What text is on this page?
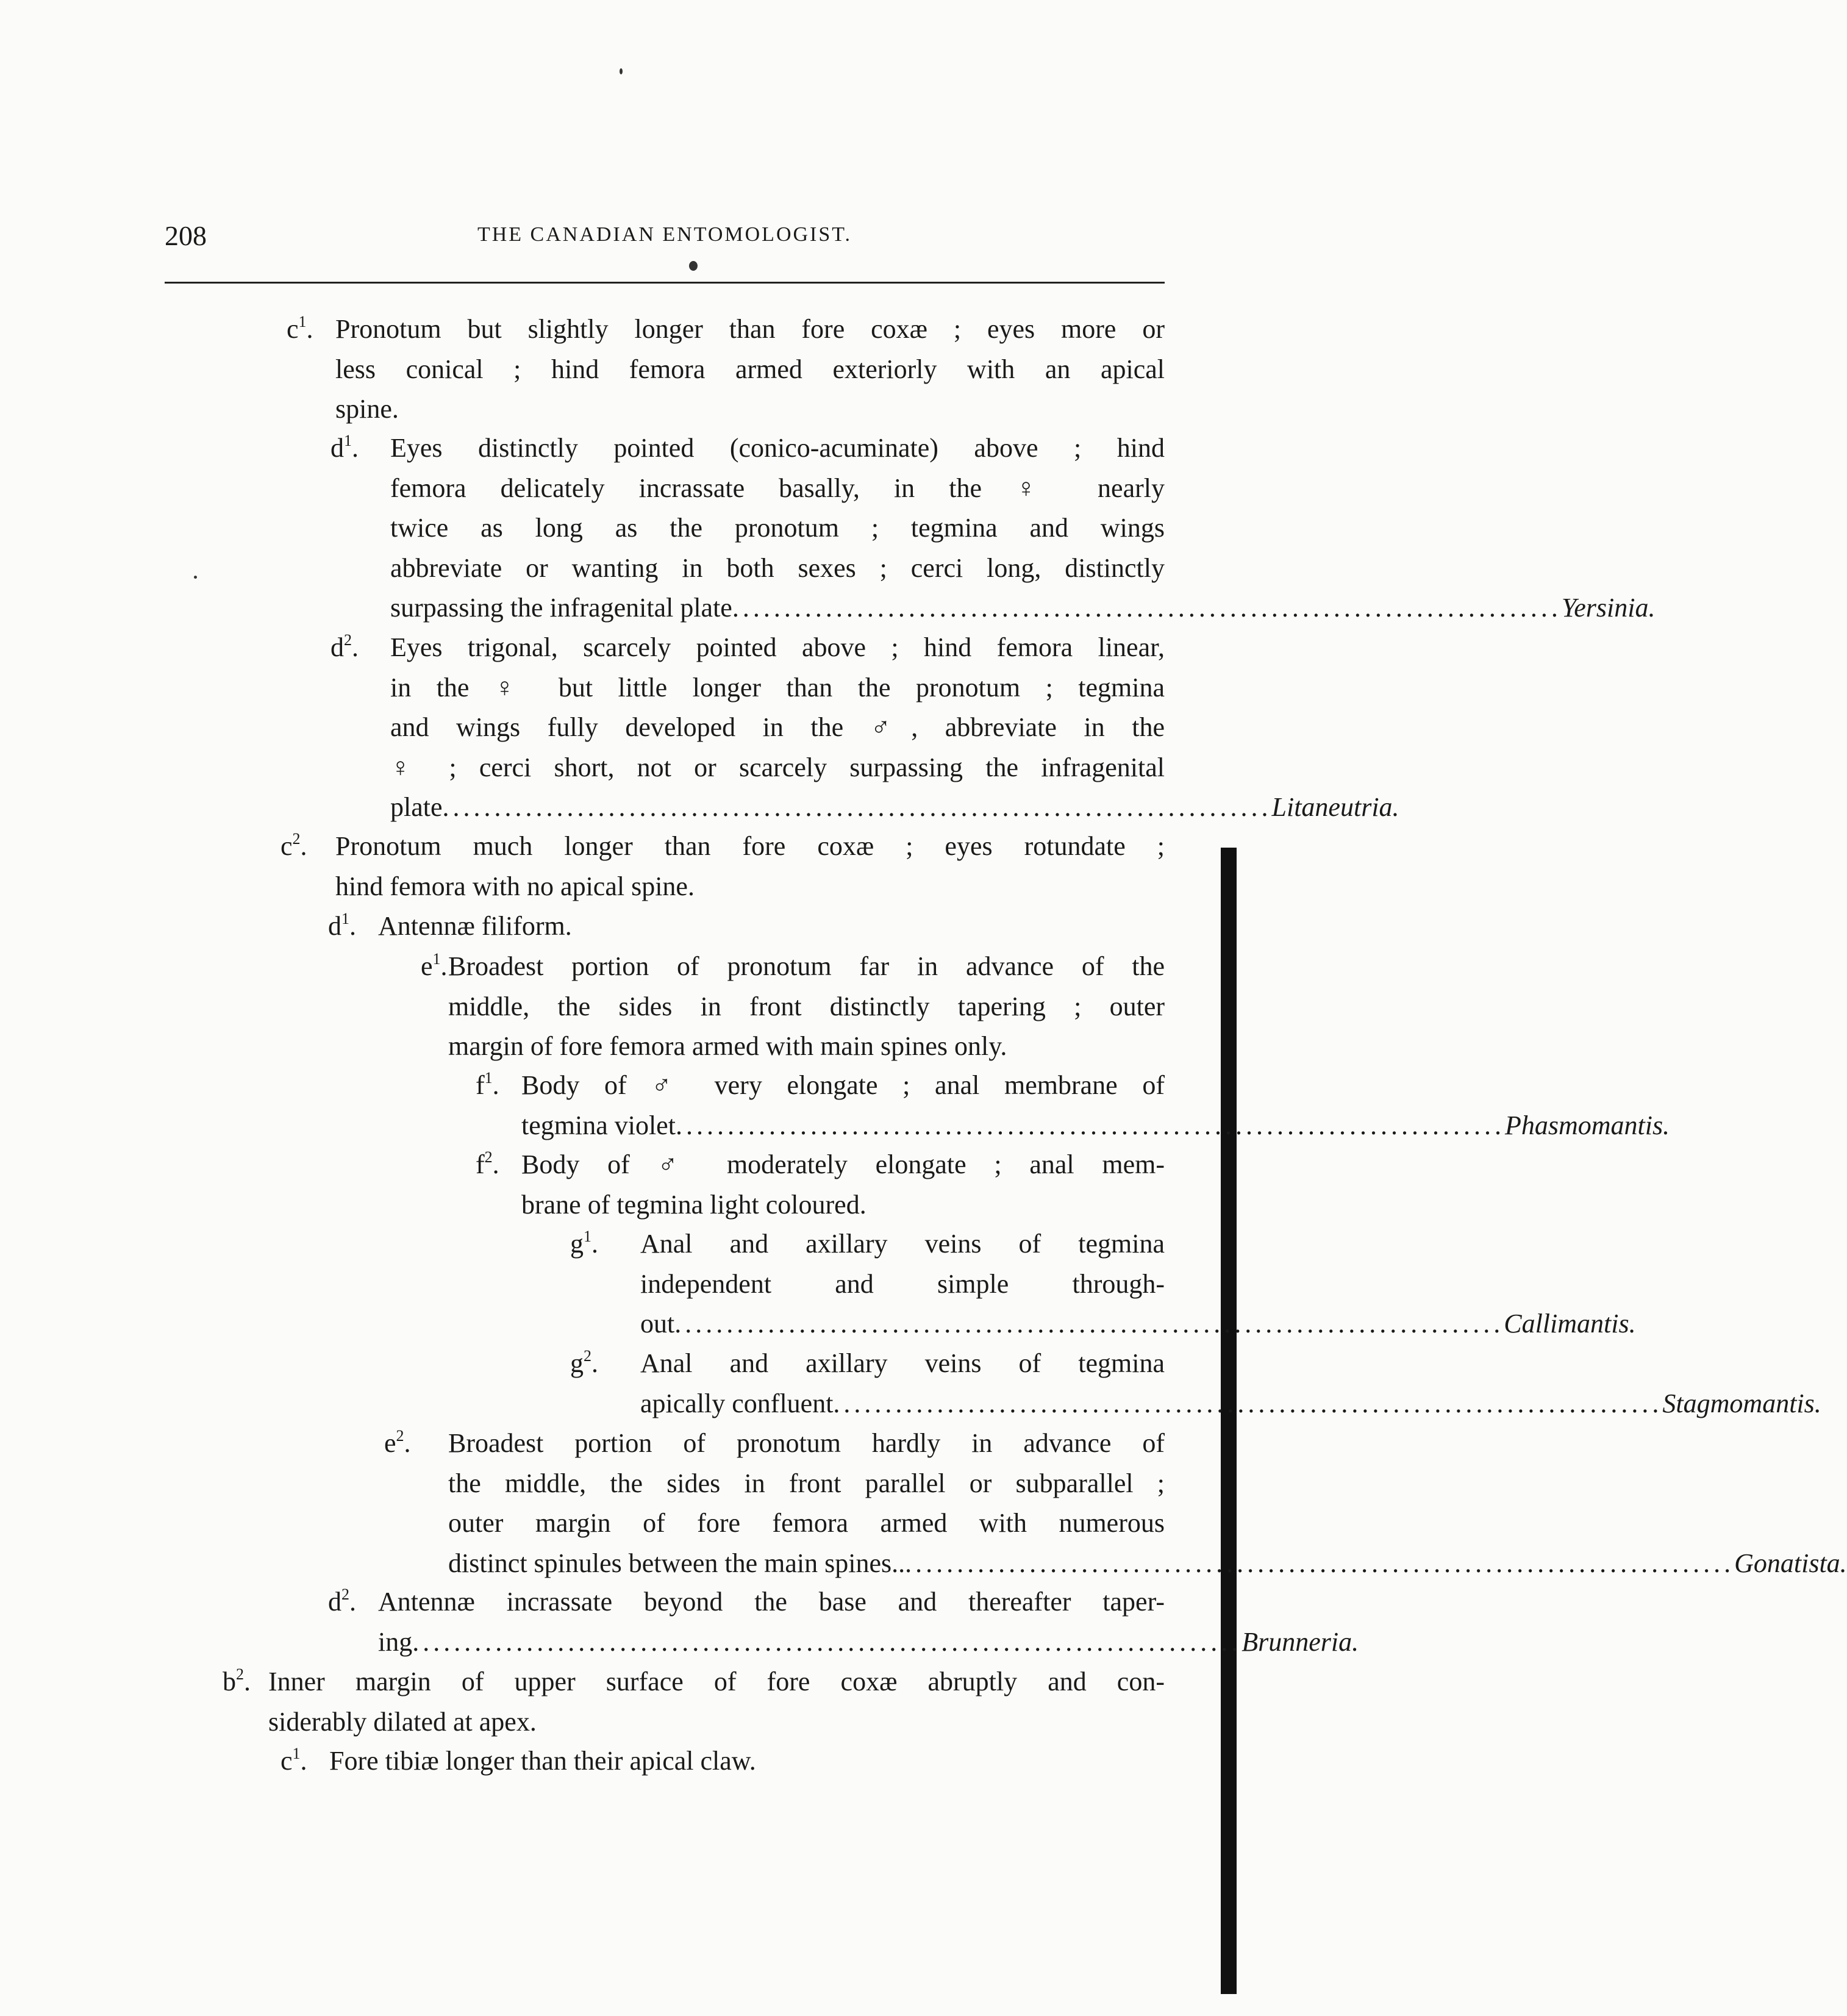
208	THE CANADIAN ENTOMOLOGIST.
$c^1$. Pronotum but slightly longer than fore coxæ ; eyes more or
less conical ; hind femora armed exteriorly with an apical
spine.
$d^1$. Eyes distinctly pointed (conico-acuminate) above ; hind
femora delicately incrassate basally, in the ♀ nearly
twice as long as the pronotum ; tegmina and wings
abbreviate or wanting in both sexes ; cerci long, distinctly
surpassing the infragenital plate ................................................................................ Yersinia.
$d^2$. Eyes trigonal, scarcely pointed above ; hind femora linear,
in the ♀ but little longer than the pronotum ; tegmina
and wings fully developed in the ♂, abbreviate in the
♀ ; cerci short, not or scarcely surpassing the infragenital
plate ................................................................................ Litaneutria.
$c^2$. Pronotum much longer than fore coxæ ; eyes rotundate ;
hind femora with no apical spine.
$d^1$. Antennæ filiform.
$e^1$. Broadest portion of pronotum far in advance of the
middle, the sides in front distinctly tapering ; outer
margin of fore femora armed with main spines only.
$f^1$. Body of ♂ very elongate ; anal membrane of
tegmina violet ................................................................................ Phasmomantis.
$f^2$. Body of ♂ moderately elongate ; anal mem-
brane of tegmina light coloured.
$g^1$. Anal and axillary veins of tegmina
independent and simple through-
out ................................................................................ Callimantis.
$g^2$. Anal and axillary veins of tegmina
apically confluent ................................................................................ Stagmomantis.
$e^2$. Broadest portion of pronotum hardly in advance of
the middle, the sides in front parallel or subparallel ;
outer margin of fore femora armed with numerous
distinct spinules between the main spines.. ................................................................................ Gonatista.
$d^2$. Antennæ incrassate beyond the base and thereafter taper-
ing ................................................................................ Brunneria.
$b^2$. Inner margin of upper surface of fore coxæ abruptly and con-
siderably dilated at apex.
$c^1$. Fore tibiæ longer than their apical claw.
